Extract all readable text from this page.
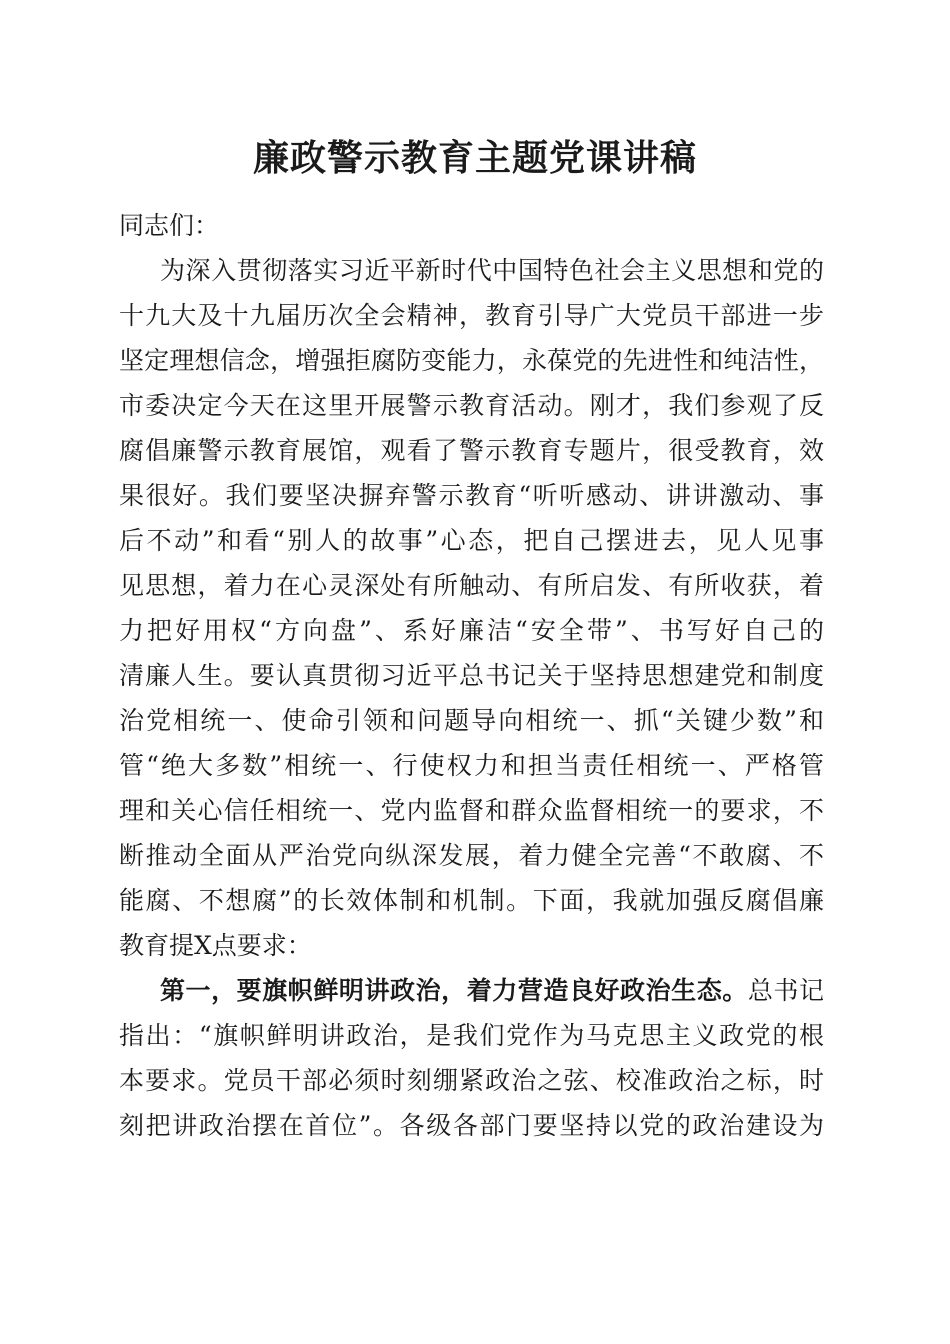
廉政警示教育主题党课讲稿
同志们：
为深入贯彻落实习近平新时代中国特色社会主义思想和党的
十九大及十九届历次全会精神，教育引导广大党员干部进一步
坚定理想信念，增强拒腐防变能力，永葆党的先进性和纯洁性，
市委决定今天在这里开展警示教育活动。刚才，我们参观了反
腐倡廉警示教育展馆，观看了警示教育专题片，很受教育，效
果很好。我们要坚决摒弃警示教育“听听感动、讲讲激动、事
后不动”和看“别人的故事”心态，把自己摆进去，见人见事
见思想，着力在心灵深处有所触动、有所启发、有所收获，着
力把好用权“方向盘”、系好廉洁“安全带”、书写好自己的
清廉人生。要认真贯彻习近平总书记关于坚持思想建党和制度
治党相统一、使命引领和问题导向相统一、抓“关键少数”和
管“绝大多数”相统一、行使权力和担当责任相统一、严格管
理和关心信任相统一、党内监督和群众监督相统一的要求，不
断推动全面从严治党向纵深发展，着力健全完善“不敢腐、不
能腐、不想腐”的长效体制和机制。下面，我就加强反腐倡廉
教育提X点要求：
第一，要旗帜鲜明讲政治，着力营造良好政治生态。总书记
指出：“旗帜鲜明讲政治，是我们党作为马克思主义政党的根
本要求。党员干部必须时刻绷紧政治之弦、校准政治之标，时
刻把讲政治摆在首位”。各级各部门要坚持以党的政治建设为
